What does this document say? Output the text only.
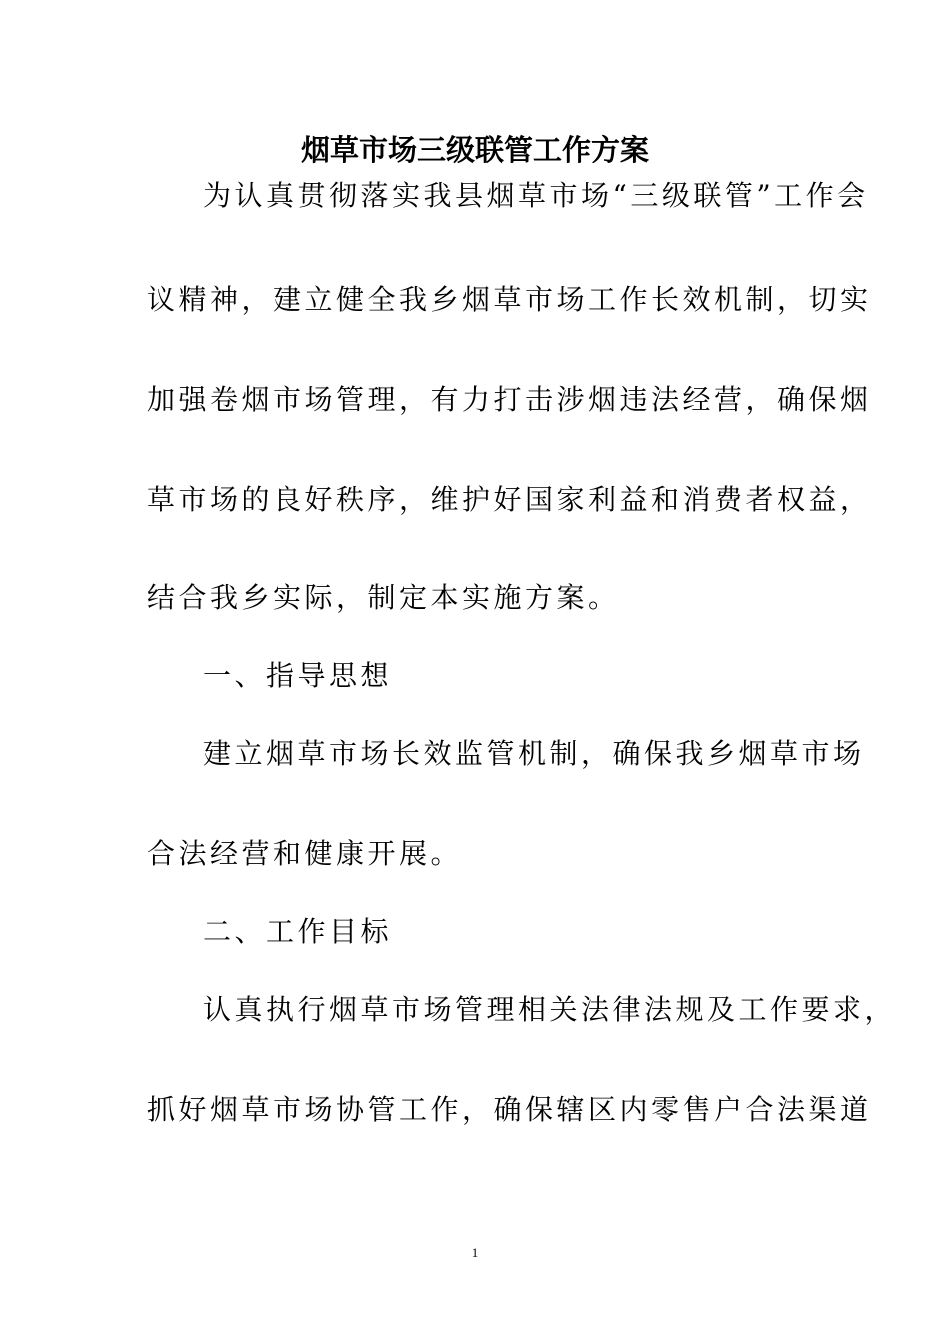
烟草市场三级联管工作方案
为认真贯彻落实我县烟草市场“三级联管”工作会
议精神，建立健全我乡烟草市场工作长效机制，切实
加强卷烟市场管理，有力打击涉烟违法经营，确保烟
草市场的良好秩序，维护好国家利益和消费者权益，
结合我乡实际，制定本实施方案。
一、指导思想
建立烟草市场长效监管机制，确保我乡烟草市场
合法经营和健康开展。
二、工作目标
认真执行烟草市场管理相关法律法规及工作要求，
抓好烟草市场协管工作，确保辖区内零售户合法渠道
1
